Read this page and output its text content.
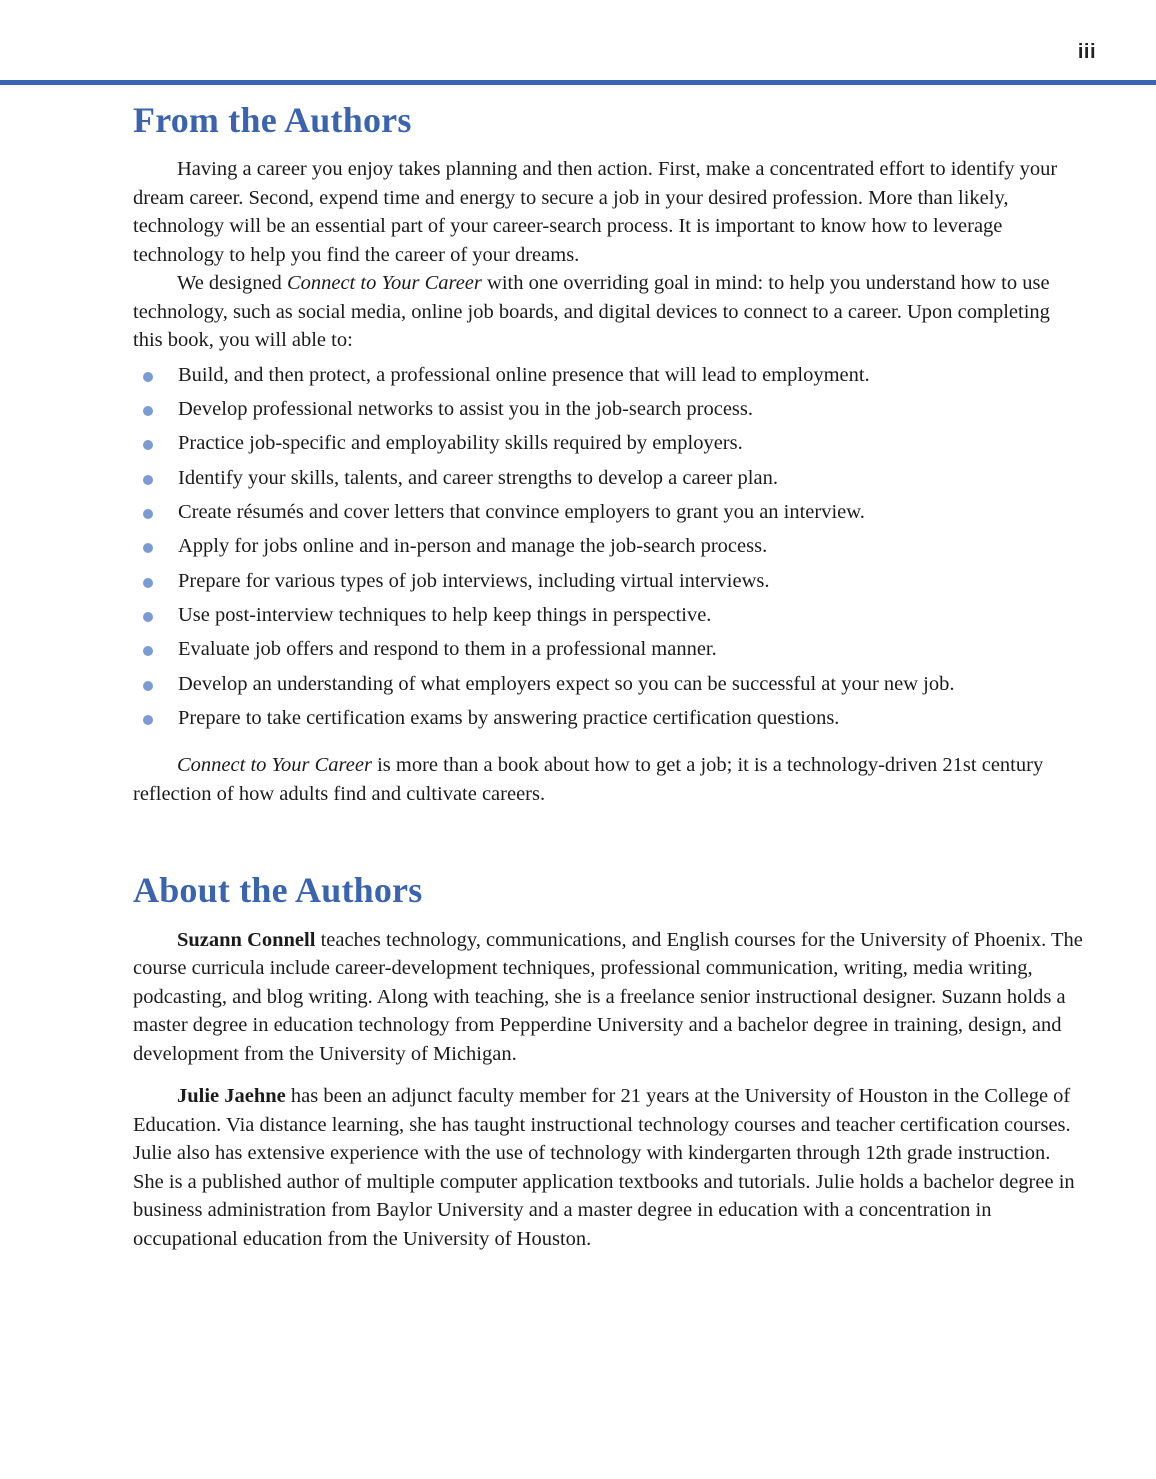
iii
From the Authors

Having a career you enjoy takes planning and then action. First, make a concentrated effort to identify your dream career. Second, expend time and energy to secure a job in your desired profession. More than likely, technology will be an essential part of your career-search process. It is important to know how to leverage technology to help you find the career of your dreams.

We designed Connect to Your Career with one overriding goal in mind: to help you understand how to use technology, such as social media, online job boards, and digital devices to connect to a career. Upon completing this book, you will able to:

Build, and then protect, a professional online presence that will lead to employment.
Develop professional networks to assist you in the job-search process.
Practice job-specific and employability skills required by employers.
Identify your skills, talents, and career strengths to develop a career plan.
Create résumés and cover letters that convince employers to grant you an interview.
Apply for jobs online and in-person and manage the job-search process.
Prepare for various types of job interviews, including virtual interviews.
Use post-interview techniques to help keep things in perspective.
Evaluate job offers and respond to them in a professional manner.
Develop an understanding of what employers expect so you can be successful at your new job.
Prepare to take certification exams by answering practice certification questions.

Connect to Your Career is more than a book about how to get a job; it is a technology-driven 21st century reflection of how adults find and cultivate careers.

About the Authors

Suzann Connell teaches technology, communications, and English courses for the University of Phoenix. The course curricula include career-development techniques, professional communication, writing, media writing, podcasting, and blog writing. Along with teaching, she is a freelance senior instructional designer. Suzann holds a master degree in education technology from Pepperdine University and a bachelor degree in training, design, and development from the University of Michigan.

Julie Jaehne has been an adjunct faculty member for 21 years at the University of Houston in the College of Education. Via distance learning, she has taught instructional technology courses and teacher certification courses. Julie also has extensive experience with the use of technology with kindergarten through 12th grade instruction. She is a published author of multiple computer application textbooks and tutorials. Julie holds a bachelor degree in business administration from Baylor University and a master degree in education with a concentration in occupational education from the University of Houston.
